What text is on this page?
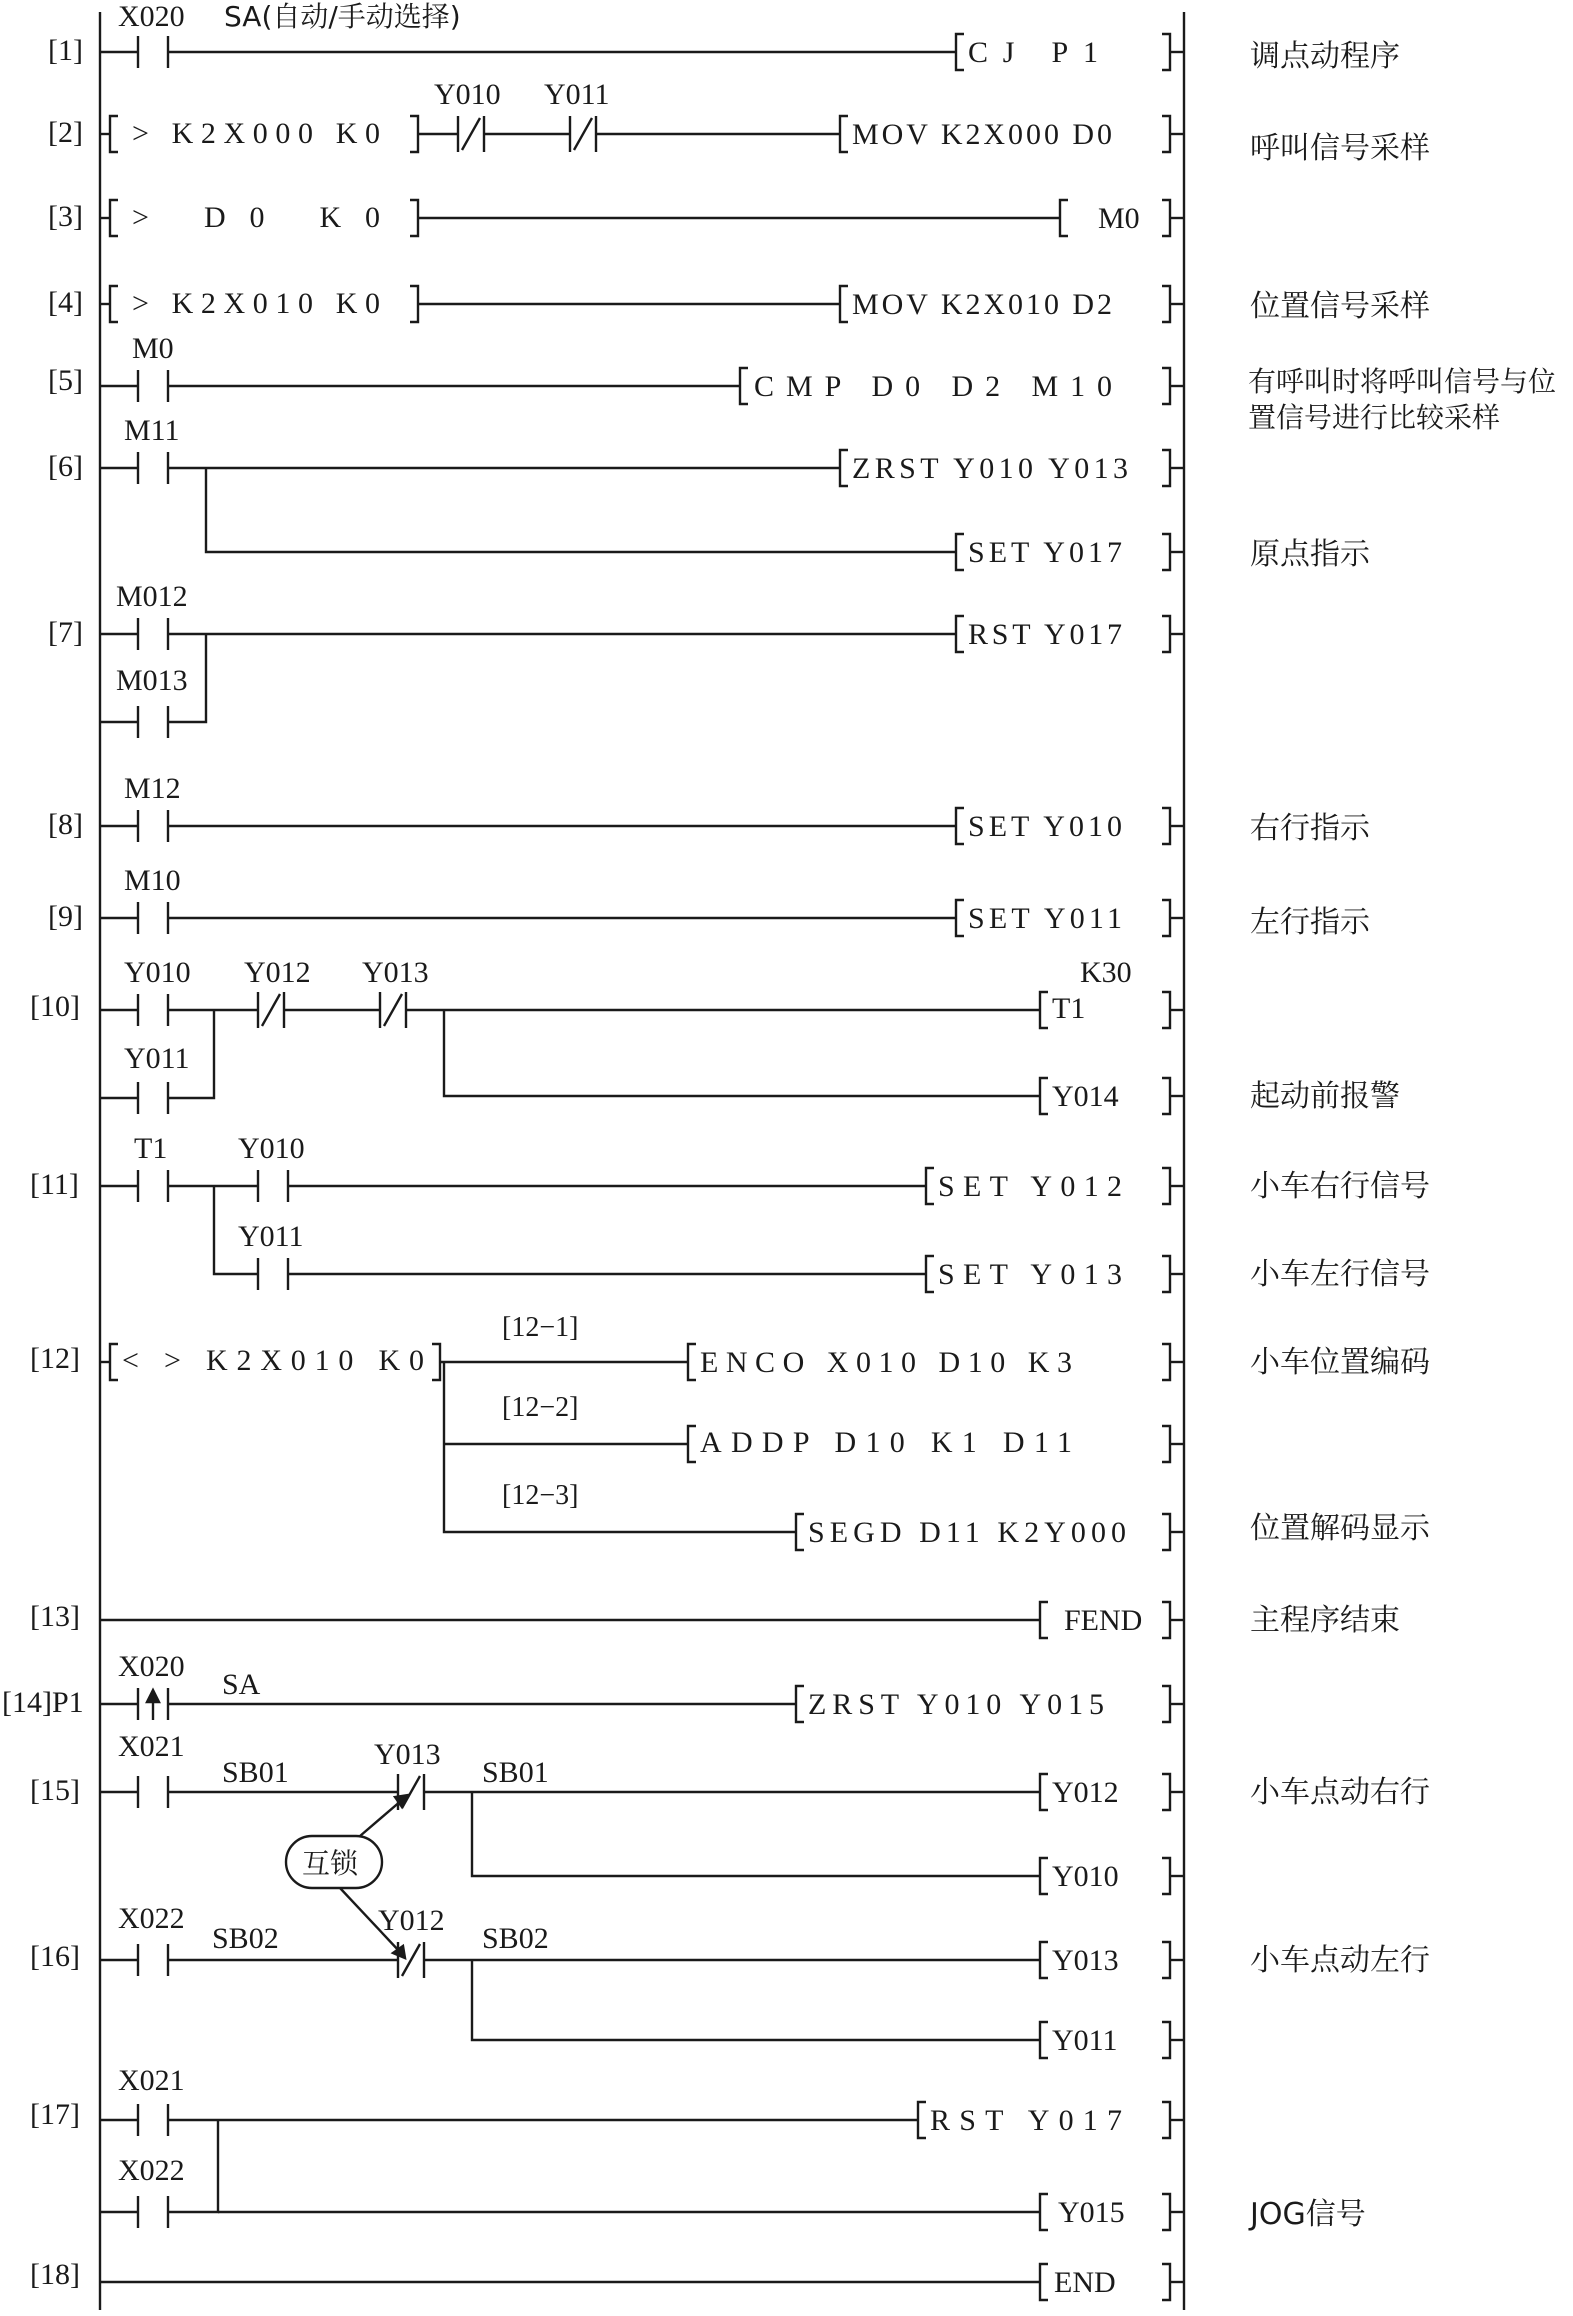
[1]
X020 SA(自动/手动选择)
CJ P1	调点动程序
[2] > K2X000 K0
Y010 Y011
MOV K2X000 D0	呼叫信号采样
[3] > D0 K0	M0
[4] > K2X010 K0	MOV K2X010 D2	位置信号采样
[5]
M0
CMP D0 D2 M10	有呼叫时将呼叫信号与位置信号进行比较采样
[6]
M11
ZRST Y010 Y013
SET Y017	原点指示
[7]
M012
M013
RST Y017
[8]
M12
SET Y010	右行指示
[9]
M10
SET Y011	左行指示
[10]
Y010
Y011
Y012 Y013
T1
K30
Y014	起动前报警
[11]
T1 Y010
SET Y012	小车右行信号
Y011
SET Y013	小车左行信号
[12] < > K2X010 K0
[12−1]
ENCO X010 D10 K3	小车位置编码
[12−2]
ADDP D10 K1 D11
[12−3]
SEGD D11 K2Y000	位置解码显示
[13]	FEND	主程序结束
[14]P1
X020
SA
ZRST Y010 Y015
[15]
X021
SB01
Y013
SB01
Y012	小车点动右行
Y010
互锁
[16]
X022
SB02
Y012
SB02
Y013	小车点动左行
Y011
[17]
X021
X022
RST Y017
Y015	JOG信号
[18]	END
